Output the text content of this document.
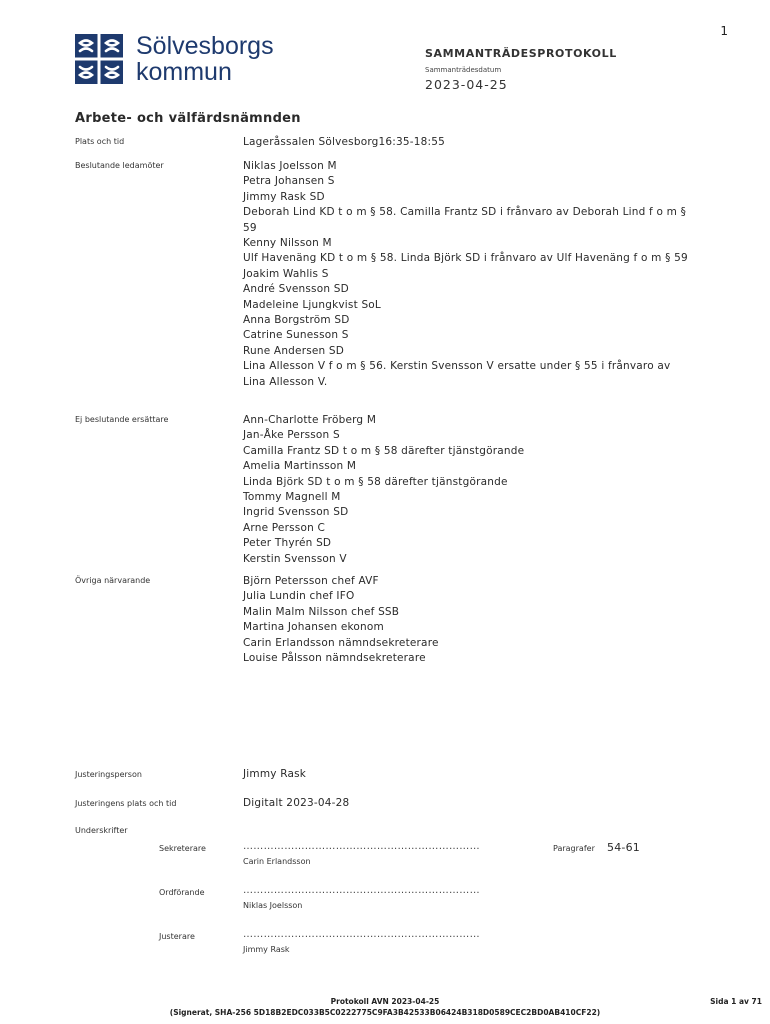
1
Sölvesborgs
kommun
SAMMANTRÄDESPROTOKOLL
Sammanträdesdatum
2023-04-25
Arbete- och välfärdsnämnden
Plats och tid	Lageråssalen Sölvesborg16:35-18:55
Beslutande ledamöter	Niklas Joelsson M
Petra Johansen S
Jimmy Rask SD
Deborah Lind KD t o m § 58. Camilla Frantz SD i frånvaro av Deborah Lind f o m §
59
Kenny Nilsson M
Ulf Havenäng KD t o m § 58. Linda Björk SD i frånvaro av Ulf Havenäng f o m § 59
Joakim Wahlis S
André Svensson SD
Madeleine Ljungkvist SoL
Anna Borgström SD
Catrine Sunesson S
Rune Andersen SD
Lina Allesson V f o m § 56. Kerstin Svensson V ersatte under § 55 i frånvaro av
Lina Allesson V.
Ej beslutande ersättare	Ann-Charlotte Fröberg M
Jan-Åke Persson S
Camilla Frantz SD t o m § 58 därefter tjänstgörande
Amelia Martinsson M
Linda Björk SD t o m § 58 därefter tjänstgörande
Tommy Magnell M
Ingrid Svensson SD
Arne Persson C
Peter Thyrén SD
Kerstin Svensson V
Övriga närvarande	Björn Petersson chef AVF
Julia Lundin chef IFO
Malin Malm Nilsson chef SSB
Martina Johansen ekonom
Carin Erlandsson nämndsekreterare
Louise Pålsson nämndsekreterare
Justeringsperson	Jimmy Rask
Justeringens plats och tid	Digitalt 2023-04-28
Underskrifter
Sekreterare	……………………………………………………………	Paragrafer 54-61
Carin Erlandsson
Ordförande	……………………………………………………………
Niklas Joelsson
Justerare	……………………………………………………………
Jimmy Rask
Protokoll AVN 2023-04-25
(Signerat, SHA-256 5D18B2EDC033B5C0222775C9FA3B42533B06424B318D0589CEC2BD0AB410CF22)
Sida 1 av 71
